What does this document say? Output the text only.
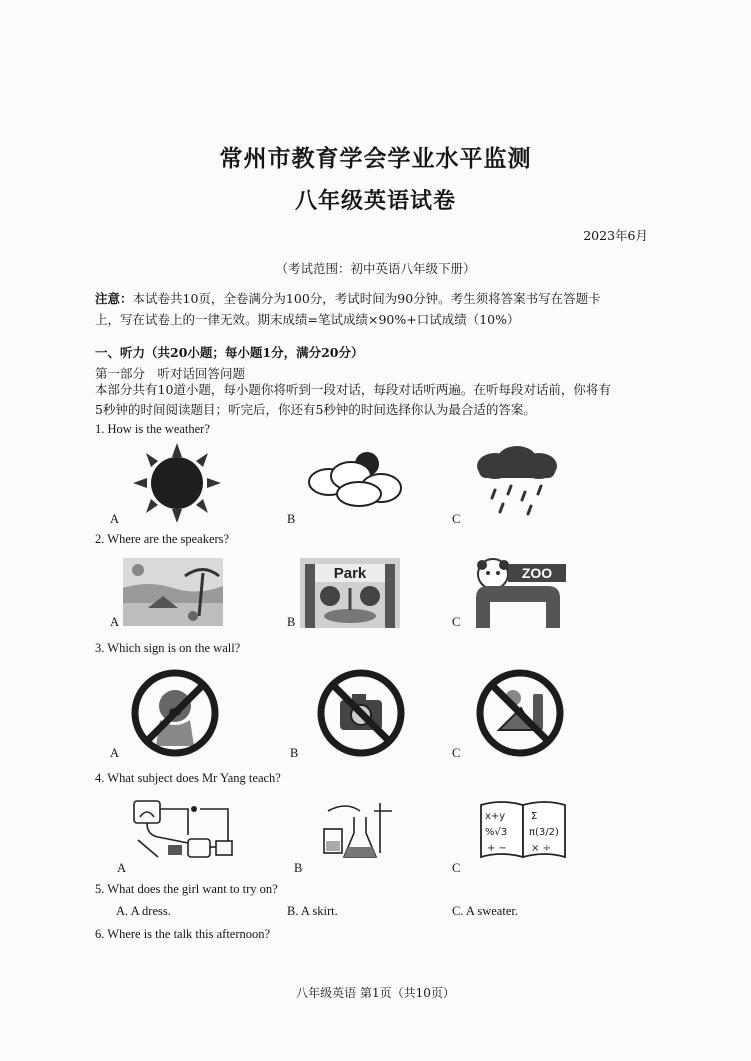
常州市教育学会学业水平监测
八年级英语试卷
2023年6月
（考试范围：初中英语八年级下册）
注意：本试卷共10页，全卷满分为100分，考试时间为90分钟。考生须将答案书写在答题卡
上，写在试卷上的一律无效。期末成绩=笔试成绩×90%+口试成绩（10%）
一、听力（共20小题；每小题1分，满分20分）
第一部分　听对话回答问题
本部分共有10道小题，每小题你将听到一段对话，每段对话听两遍。在听每段对话前，你将有
5秒钟的时间阅读题目；听完后，你还有5秒钟的时间选择你认为最合适的答案。
1. How is the weather?
A	B	C
2. Where are the speakers?
A
Park
B
ZOO
C
3. Which sign is on the wall?
A	B	C
4. What subject does Mr Yang teach?
A	B
x+y
%√3
+ −
Σ
π(3/2)
× ÷
C
5. What does the girl want to try on?
A. A dress.	B. A skirt.	C. A sweater.
6. Where is the talk this afternoon?
八年级英语 第1页（共10页）
